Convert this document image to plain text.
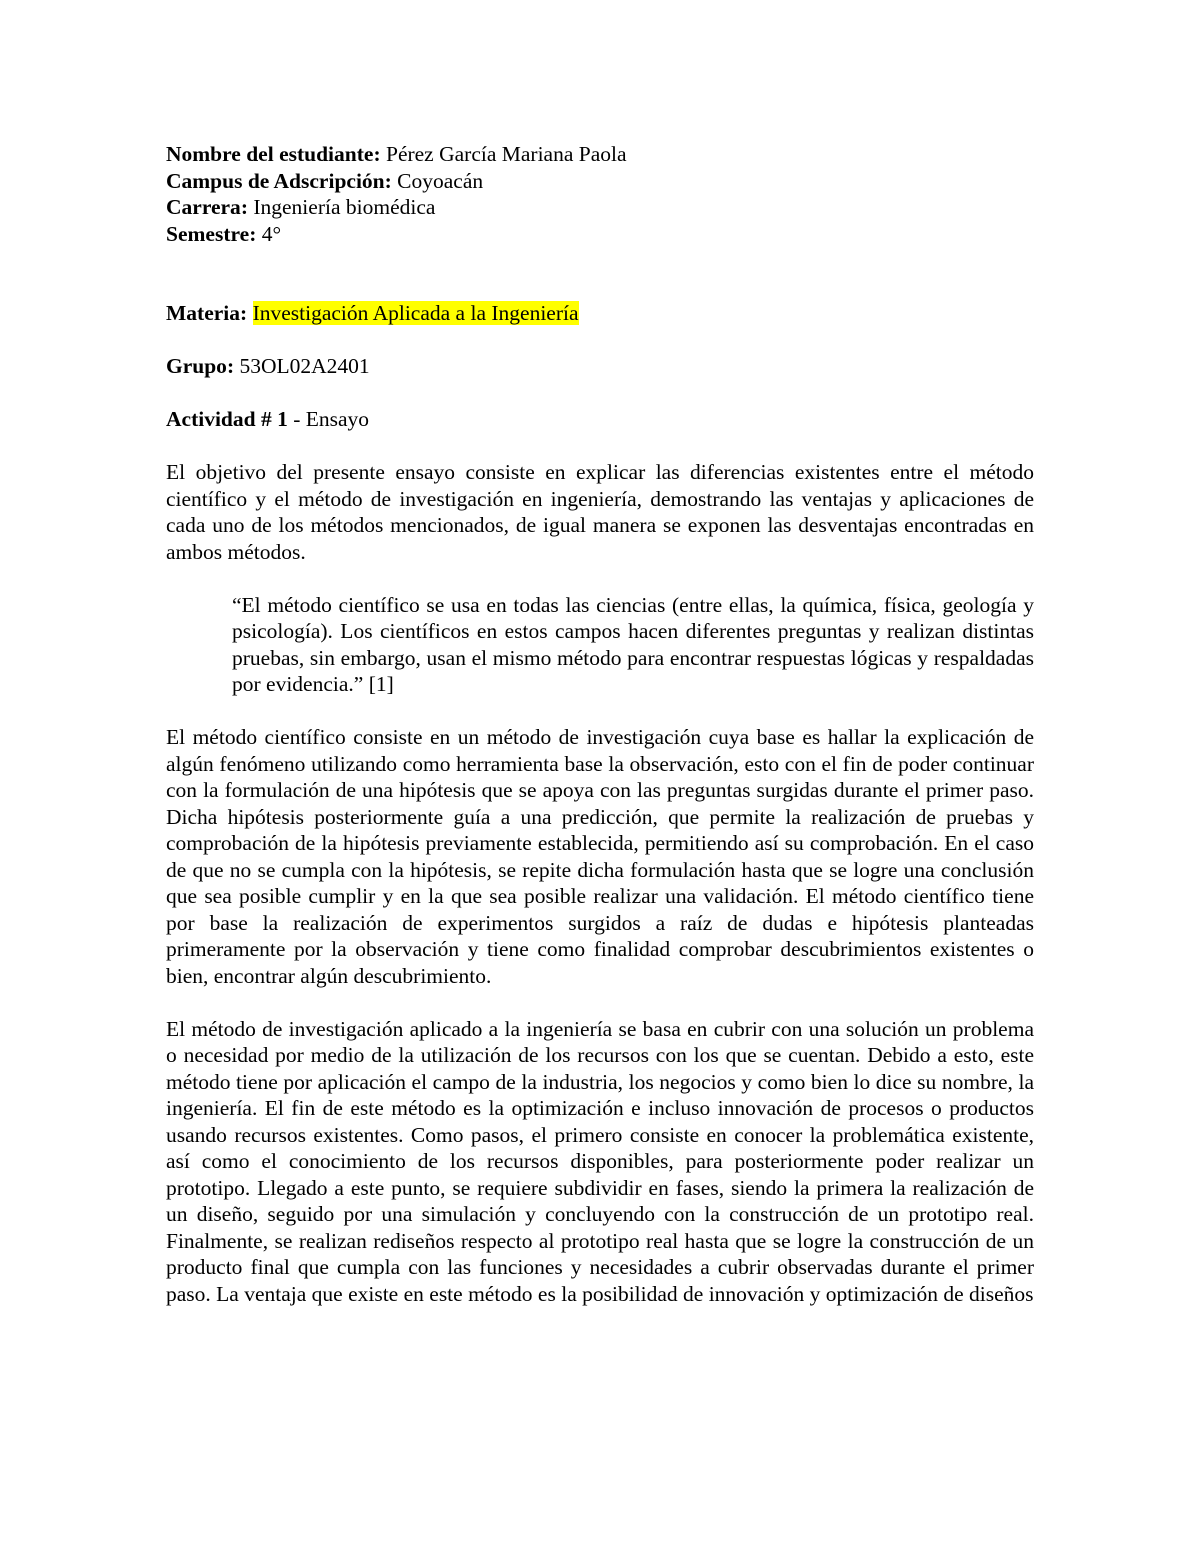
Nombre del estudiante: Pérez García Mariana Paola

Campus de Adscripción: Coyoacán

Carrera: Ingeniería biomédica

Semestre: 4°

Materia: Investigación Aplicada a la Ingeniería

Grupo: 53OL02A2401

Actividad # 1 - Ensayo

El objetivo del presente ensayo consiste en explicar las diferencias existentes entre el método científico y el método de investigación en ingeniería, demostrando las ventajas y aplicaciones de cada uno de los métodos mencionados, de igual manera se exponen las desventajas encontradas en ambos métodos.

“El método científico se usa en todas las ciencias (entre ellas, la química, física, geología y psicología). Los científicos en estos campos hacen diferentes preguntas y realizan distintas pruebas, sin embargo, usan el mismo método para encontrar respuestas lógicas y respaldadas por evidencia.” [1]

El método científico consiste en un método de investigación cuya base es hallar la explicación de algún fenómeno utilizando como herramienta base la observación, esto con el fin de poder continuar con la formulación de una hipótesis que se apoya con las preguntas surgidas durante el primer paso. Dicha hipótesis posteriormente guía a una predicción, que permite la realización de pruebas y comprobación de la hipótesis previamente establecida, permitiendo así su comprobación. En el caso de que no se cumpla con la hipótesis, se repite dicha formulación hasta que se logre una conclusión que sea posible cumplir y en la que sea posible realizar una validación. El método científico tiene por base la realización de experimentos surgidos a raíz de dudas e hipótesis planteadas primeramente por la observación y tiene como finalidad comprobar descubrimientos existentes o bien, encontrar algún descubrimiento.

El método de investigación aplicado a la ingeniería se basa en cubrir con una solución un problema o necesidad por medio de la utilización de los recursos con los que se cuentan. Debido a esto, este método tiene por aplicación el campo de la industria, los negocios y como bien lo dice su nombre, la ingeniería. El fin de este método es la optimización e incluso innovación de procesos o productos usando recursos existentes. Como pasos, el primero consiste en conocer la problemática existente, así como el conocimiento de los recursos disponibles, para posteriormente poder realizar un prototipo. Llegado a este punto, se requiere subdividir en fases, siendo la primera la realización de un diseño, seguido por una simulación y concluyendo con la construcción de un prototipo real. Finalmente, se realizan rediseños respecto al prototipo real hasta que se logre la construcción de un producto final que cumpla con las funciones y necesidades a cubrir observadas durante el primer paso. La ventaja que existe en este método es la posibilidad de innovación y optimización de diseños
